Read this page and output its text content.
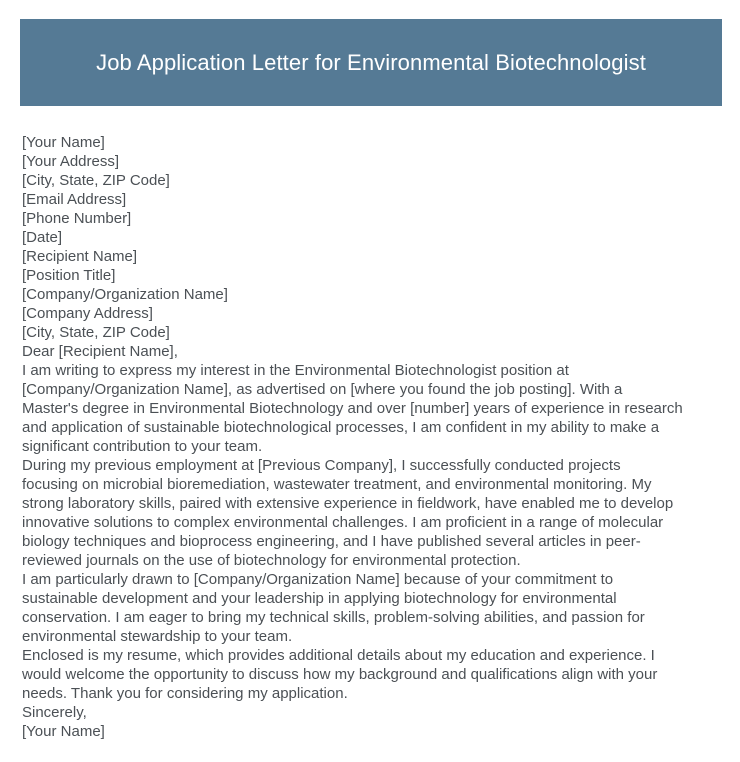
Job Application Letter for Environmental Biotechnologist
[Your Name]
[Your Address]
[City, State, ZIP Code]
[Email Address]
[Phone Number]
[Date]
[Recipient Name]
[Position Title]
[Company/Organization Name]
[Company Address]
[City, State, ZIP Code]
Dear [Recipient Name],
I am writing to express my interest in the Environmental Biotechnologist position at
[Company/Organization Name], as advertised on [where you found the job posting]. With a
Master's degree in Environmental Biotechnology and over [number] years of experience in research
and application of sustainable biotechnological processes, I am confident in my ability to make a
significant contribution to your team.
During my previous employment at [Previous Company], I successfully conducted projects
focusing on microbial bioremediation, wastewater treatment, and environmental monitoring. My
strong laboratory skills, paired with extensive experience in fieldwork, have enabled me to develop
innovative solutions to complex environmental challenges. I am proficient in a range of molecular
biology techniques and bioprocess engineering, and I have published several articles in peer-
reviewed journals on the use of biotechnology for environmental protection.
I am particularly drawn to [Company/Organization Name] because of your commitment to
sustainable development and your leadership in applying biotechnology for environmental
conservation. I am eager to bring my technical skills, problem-solving abilities, and passion for
environmental stewardship to your team.
Enclosed is my resume, which provides additional details about my education and experience. I
would welcome the opportunity to discuss how my background and qualifications align with your
needs. Thank you for considering my application.
Sincerely,
[Your Name]
